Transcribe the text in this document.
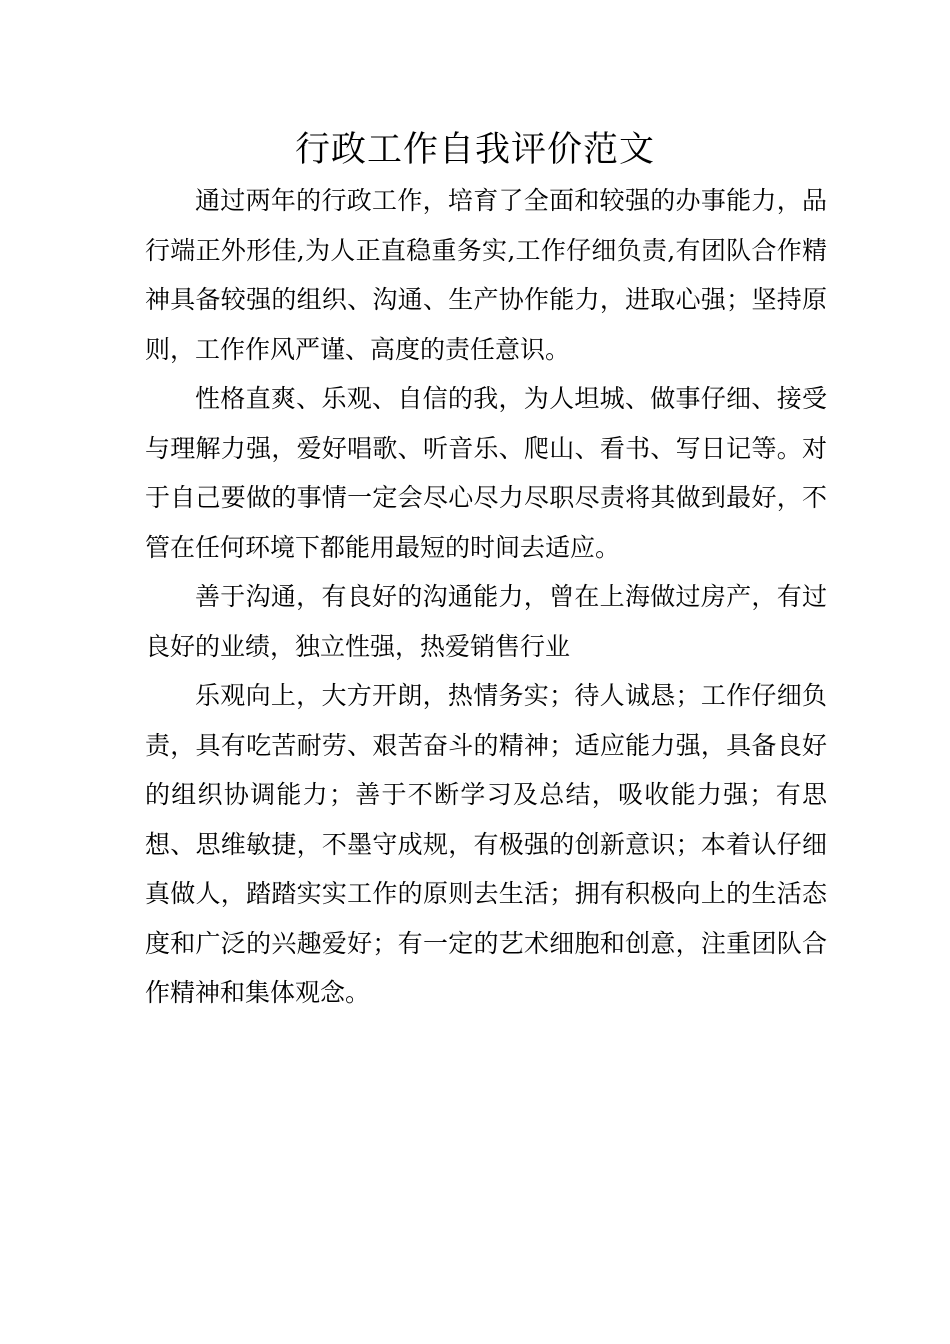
行政工作自我评价范文

通过两年的行政工作，培育了全面和较强的办事能力，品行端正外形佳,为人正直稳重务实,工作仔细负责,有团队合作精神具备较强的组织、沟通、生产协作能力，进取心强；坚持原则，工作作风严谨、高度的责任意识。

性格直爽、乐观、自信的我，为人坦城、做事仔细、接受与理解力强，爱好唱歌、听音乐、爬山、看书、写日记等。对于自己要做的事情一定会尽心尽力尽职尽责将其做到最好，不管在任何环境下都能用最短的时间去适应。

善于沟通，有良好的沟通能力，曾在上海做过房产，有过良好的业绩，独立性强，热爱销售行业

乐观向上，大方开朗，热情务实；待人诚恳；工作仔细负责，具有吃苦耐劳、艰苦奋斗的精神；适应能力强，具备良好的组织协调能力；善于不断学习及总结，吸收能力强；有思想、思维敏捷，不墨守成规，有极强的创新意识；本着认仔细真做人，踏踏实实工作的原则去生活；拥有积极向上的生活态度和广泛的兴趣爱好；有一定的艺术细胞和创意，注重团队合作精神和集体观念。
